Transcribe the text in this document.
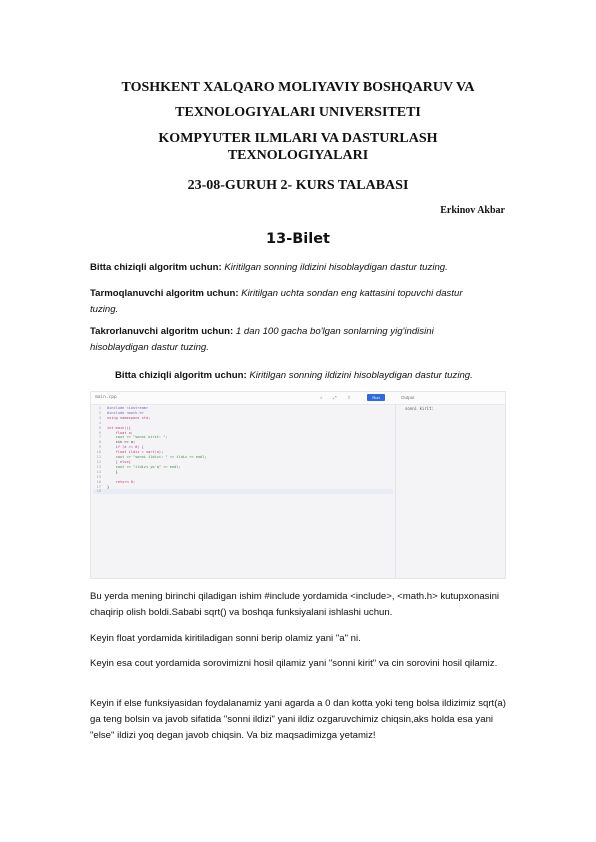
TOSHKENT XALQARO MOLIYAVIY BOSHQARUV VA
TEXNOLOGIYALARI UNIVERSITETI
KOMPYUTER ILMLARI VA DASTURLASH TEXNOLOGIYALARI
23-08-GURUH 2- KURS TALABASI
Erkinov Akbar
13-Bilet
Bitta chiziqli algoritm uchun: Kiritilgan sonning ildizini hisoblaydigan dastur tuzing.
Tarmoqlanuvchi algoritm uchun: Kiritilgan uchta sondan eng kattasini topuvchi dastur tuzing.
Takrorlanuvchi algoritm uchun: 1 dan 100 gacha bo'lgan sonlarning yig'indisini hisoblaydigan dastur tuzing.
Bitta chiziqli algoritm uchun: Kiritilgan sonning ildizini hisoblaydigan dastur tuzing.
main.cpp	☼ ⤢ ⇪	Run	Output
sonni kirit:
1 #include <iostream>
2 #include <math.h>
3 using namespace std;
4
5 int main(){
6    float a;
7    cout << "sonni kirit: ";
8    cin >> a;
9    if (a >= 0) {
10    float ildiz = sqrt(a);
11    cout << "sonni ildizi: " << ildiz << endl;
12    } else{
13    cout << "ildizi yo'q" << endl;
14    }
15
16    return 0;
17 }
18
Bu yerda mening birinchi qiladigan ishim #include yordamida <include>, <math.h> kutupxonasini chaqirip olish boldi.Sababi sqrt() va boshqa funksiyalani ishlashi uchun.
Keyin float yordamida kiritiladigan sonni berip olamiz yani "a" ni.
Keyin esa cout yordamida sorovimizni hosil qilamiz yani "sonni kirit" va cin sorovini hosil qilamiz.
Keyin if else funksiyasidan foydalanamiz yani agarda a 0 dan kotta yoki teng bolsa ildizimiz sqrt(a) ga teng bolsin va javob sifatida "sonni ildizi" yani ildiz ozgaruvchimiz chiqsin,aks holda esa yani "else" ildizi yoq degan javob chiqsin. Va biz maqsadimizga yetamiz!
